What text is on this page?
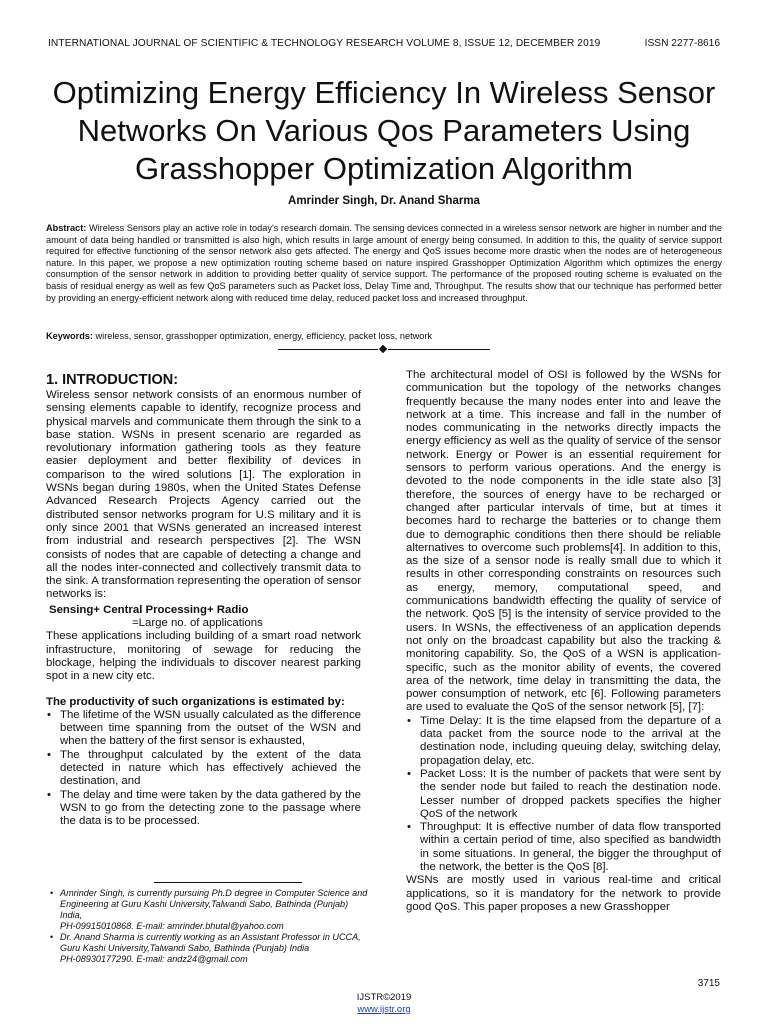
INTERNATIONAL JOURNAL OF SCIENTIFIC & TECHNOLOGY RESEARCH VOLUME 8, ISSUE 12, DECEMBER 2019	ISSN 2277-8616
Optimizing Energy Efficiency In Wireless Sensor
Networks On Various Qos Parameters Using
Grasshopper Optimization Algorithm
Amrinder Singh, Dr. Anand Sharma
Abstract: Wireless Sensors play an active role in today's research domain. The sensing devices connected in a wireless sensor network are higher in number and the amount of data being handled or transmitted is also high, which results in large amount of energy being consumed. In addition to this, the quality of service support required for effective functioning of the sensor network also gets affected. The energy and QoS issues become more drastic when the nodes are of heterogeneous nature. In this paper, we propose a new optimization routing scheme based on nature inspired Grasshopper Optimization Algorithm which optimizes the energy consumption of the sensor network in addition to providing better quality of service support. The performance of the proposed routing scheme is evaluated on the basis of residual energy as well as few QoS parameters such as Packet loss, Delay Time and, Throughput. The results show that our technique has performed better by providing an energy-efficient network along with reduced time delay, reduced packet loss and increased throughput.
Keywords: wireless, sensor, grasshopper optimization, energy, efficiency, packet loss, network
1. INTRODUCTION:

Wireless sensor network consists of an enormous number of sensing elements capable to identify, recognize process and physical marvels and communicate them through the sink to a base station. WSNs in present scenario are regarded as revolutionary information gathering tools as they feature easier deployment and better flexibility of devices in comparison to the wired solutions [1]. The exploration in WSNs began during 1980s, when the United States Defense Advanced Research Projects Agency carried out the distributed sensor networks program for U.S military and it is only since 2001 that WSNs generated an increased interest from industrial and research perspectives [2]. The WSN consists of nodes that are capable of detecting a change and all the nodes inter-connected and collectively transmit data to the sink. A transformation representing the operation of sensor networks is:

Sensing+ Central Processing+ Radio
=Large no. of applications

These applications including building of a smart road network infrastructure, monitoring of sewage for reducing the blockage, helping the individuals to discover nearest parking spot in a new city etc.

The productivity of such organizations is estimated by:
• The lifetime of the WSN usually calculated as the difference between time spanning from the outset of the WSN and when the battery of the first sensor is exhausted,
• The throughput calculated by the extent of the data detected in nature which has effectively achieved the destination, and
• The delay and time were taken by the data gathered by the WSN to go from the detecting zone to the passage where the data is to be processed.
• Amrinder Singh, is currently pursuing Ph.D degree in Computer Science and Engineering at Guru Kashi University,Talwandi Sabo, Bathinda (Punjab) India,
PH-09915010868. E-mail: amrinder.bhutal@yahoo.com
• Dr. Anand Sharma is currently working as an Assistant Professor in UCCA, Guru Kashi University,Talwandi Sabo, Bathinda (Punjab) India
PH-08930177290. E-mail: andz24@gmail.com

The architectural model of OSI is followed by the WSNs for communication but the topology of the networks changes frequently because the many nodes enter into and leave the network at a time. This increase and fall in the number of nodes communicating in the networks directly impacts the energy efficiency as well as the quality of service of the sensor network. Energy or Power is an essential requirement for sensors to perform various operations. And the energy is devoted to the node components in the idle state also [3] therefore, the sources of energy have to be recharged or changed after particular intervals of time, but at times it becomes hard to recharge the batteries or to change them due to demographic conditions then there should be reliable alternatives to overcome such problems[4]. In addition to this, as the size of a sensor node is really small due to which it results in other corresponding constraints on resources such as energy, memory, computational speed, and communications bandwidth effecting the quality of service of the network. QoS [5] is the intensity of service provided to the users. In WSNs, the effectiveness of an application depends not only on the broadcast capability but also the tracking & monitoring capability. So, the QoS of a WSN is application-specific, such as the monitor ability of events, the covered area of the network, time delay in transmitting the data, the power consumption of network, etc [6]. Following parameters are used to evaluate the QoS of the sensor network [5], [7]:

• Time Delay: It is the time elapsed from the departure of a data packet from the source node to the arrival at the destination node, including queuing delay, switching delay, propagation delay, etc.
• Packet Loss: It is the number of packets that were sent by the sender node but failed to reach the destination node. Lesser number of dropped packets specifies the higher QoS of the network
• Throughput: It is effective number of data flow transported within a certain period of time, also specified as bandwidth in some situations. In general, the bigger the throughput of the network, the better is the QoS [8].

WSNs are mostly used in various real-time and critical applications, so it is mandatory for the network to provide good QoS. This paper proposes a new Grasshopper

3715
IJSTR©2019
www.ijstr.org
